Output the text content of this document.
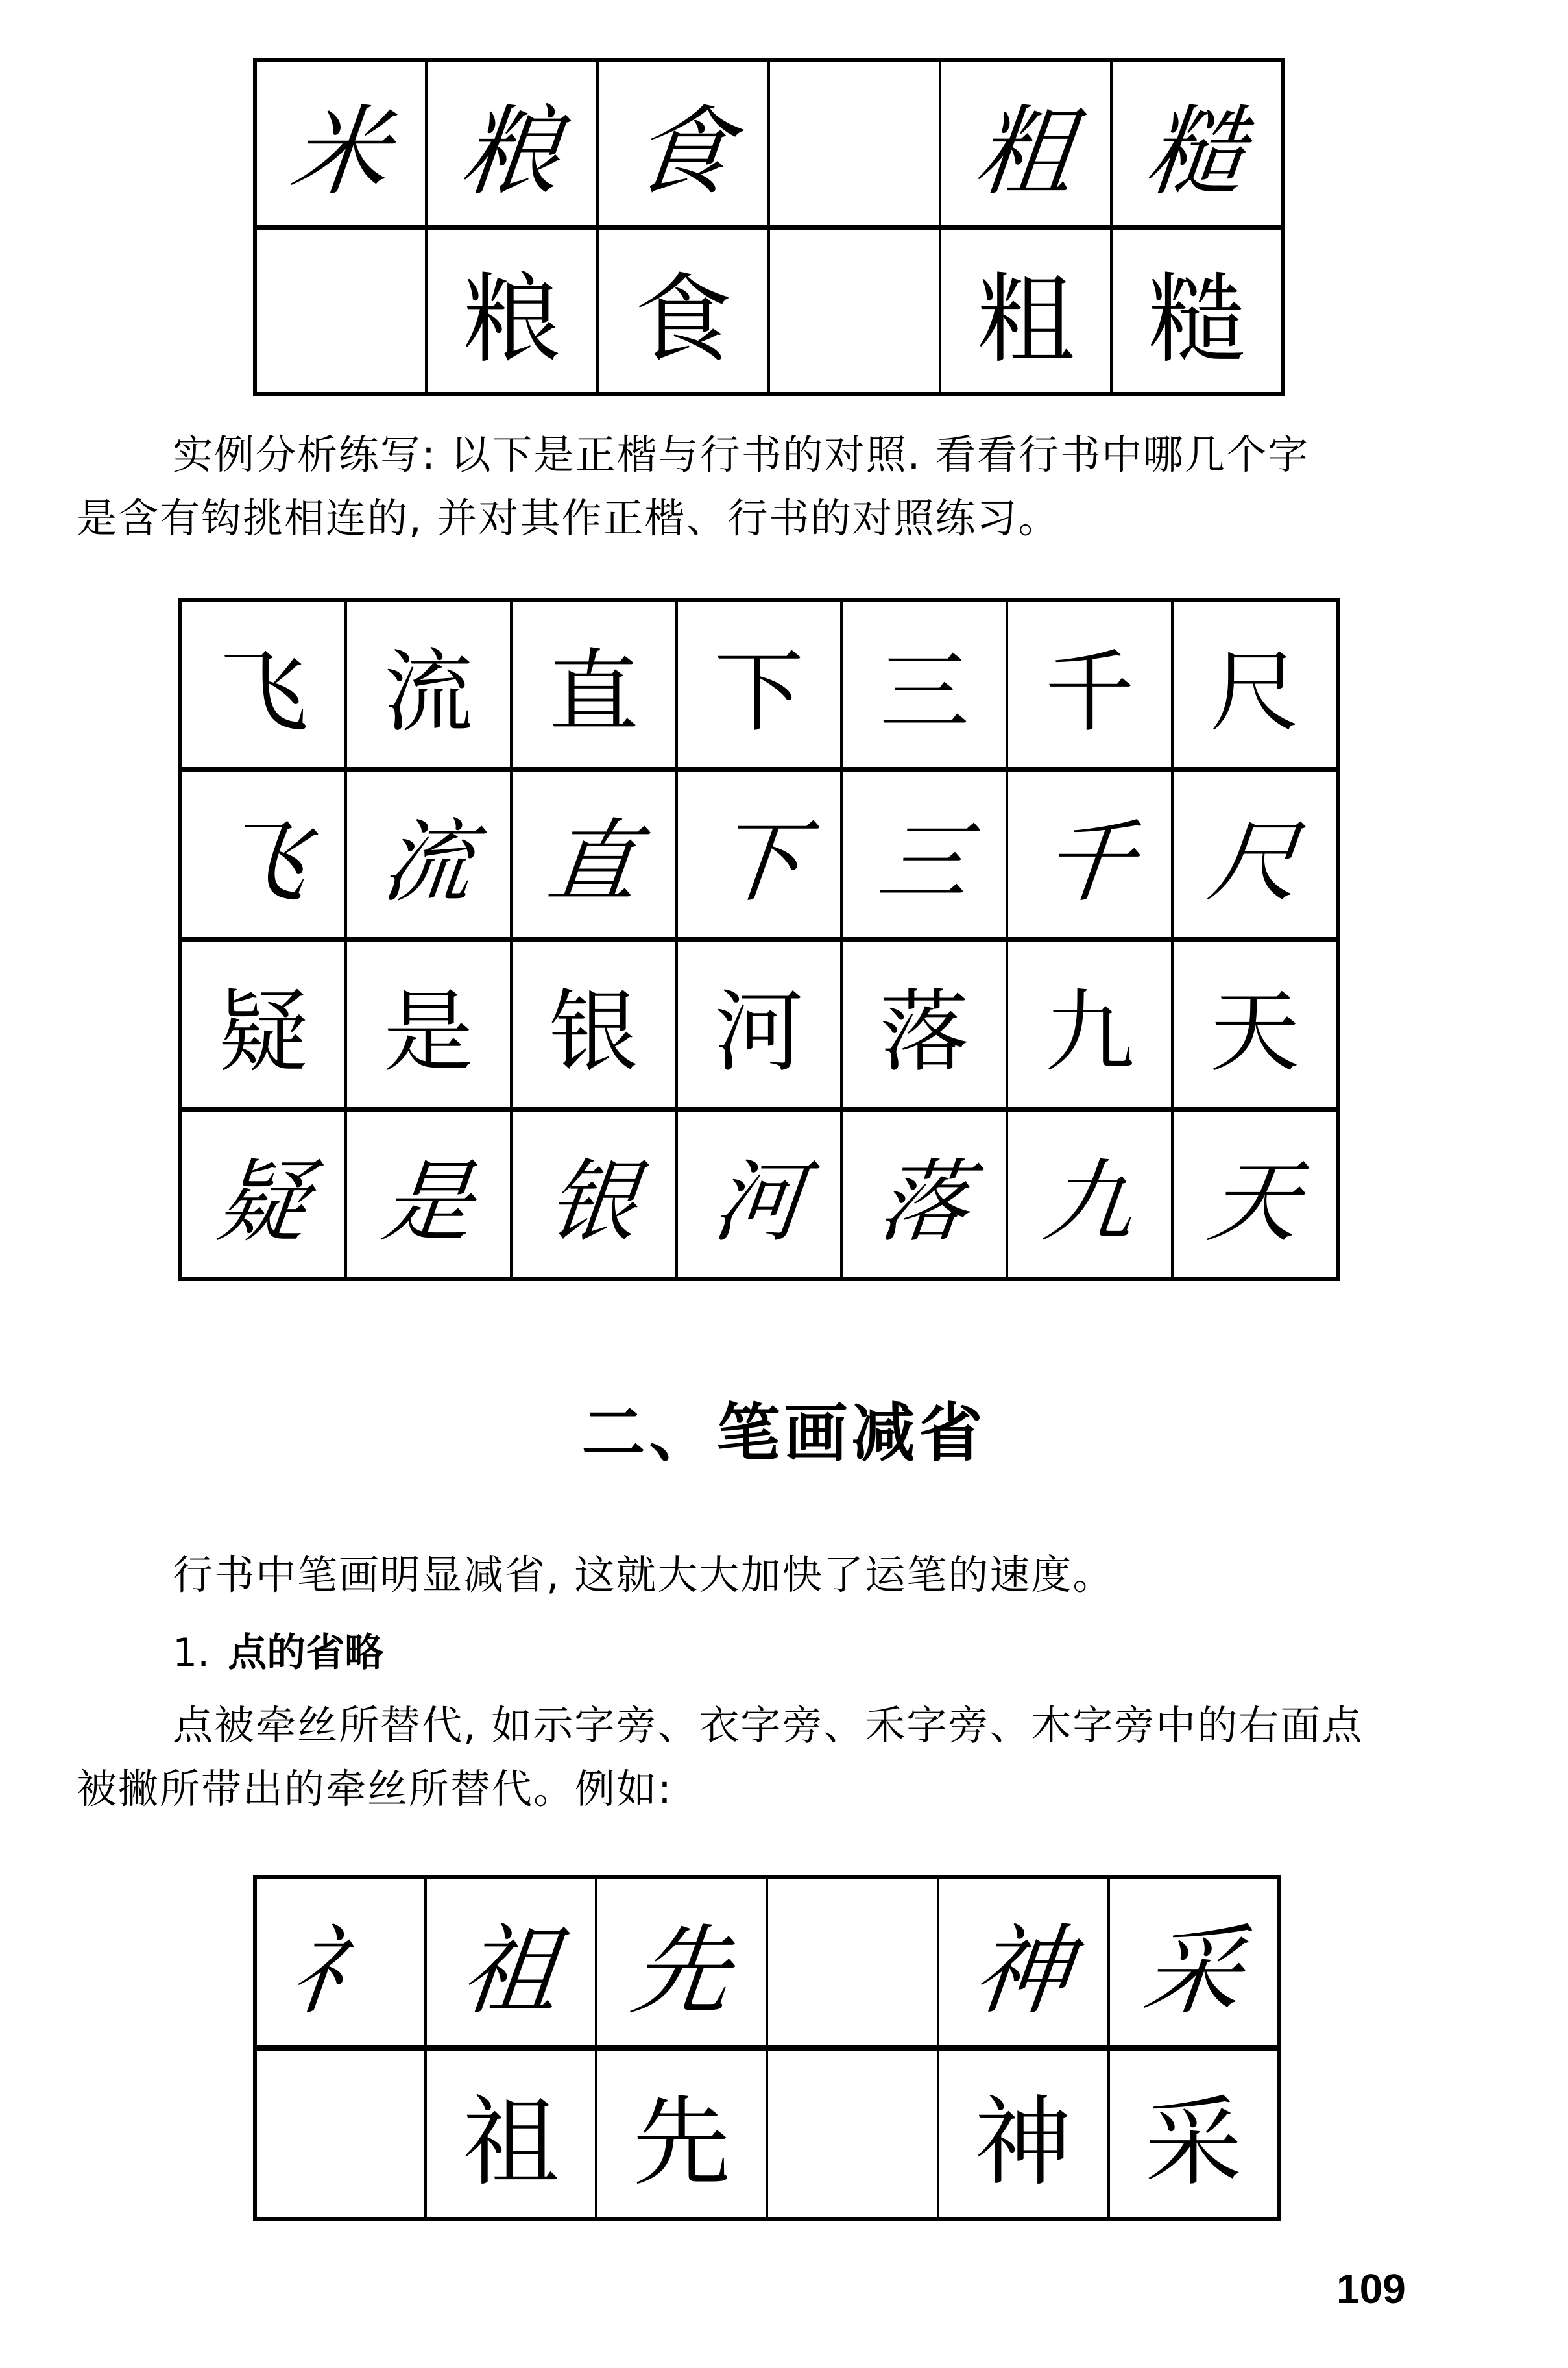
米	粮	食		粗	糙
	粮	食		粗	糙
实例分析练写: 以下是正楷与行书的对照. 看看行书中哪几个字
是含有钩挑相连的, 并对其作正楷、行书的对照练习。
飞	流	直	下	三	千	尺
飞	流	直	下	三	千	尺
疑	是	银	河	落	九	天
疑	是	银	河	落	九	天
二、笔画减省
行书中笔画明显减省, 这就大大加快了运笔的速度。
1. 点的省略
点被牵丝所替代, 如示字旁、衣字旁、禾字旁、木字旁中的右面点
被撇所带出的牵丝所替代。例如:
礻	祖	先		神	采
	祖	先		神	采
109
